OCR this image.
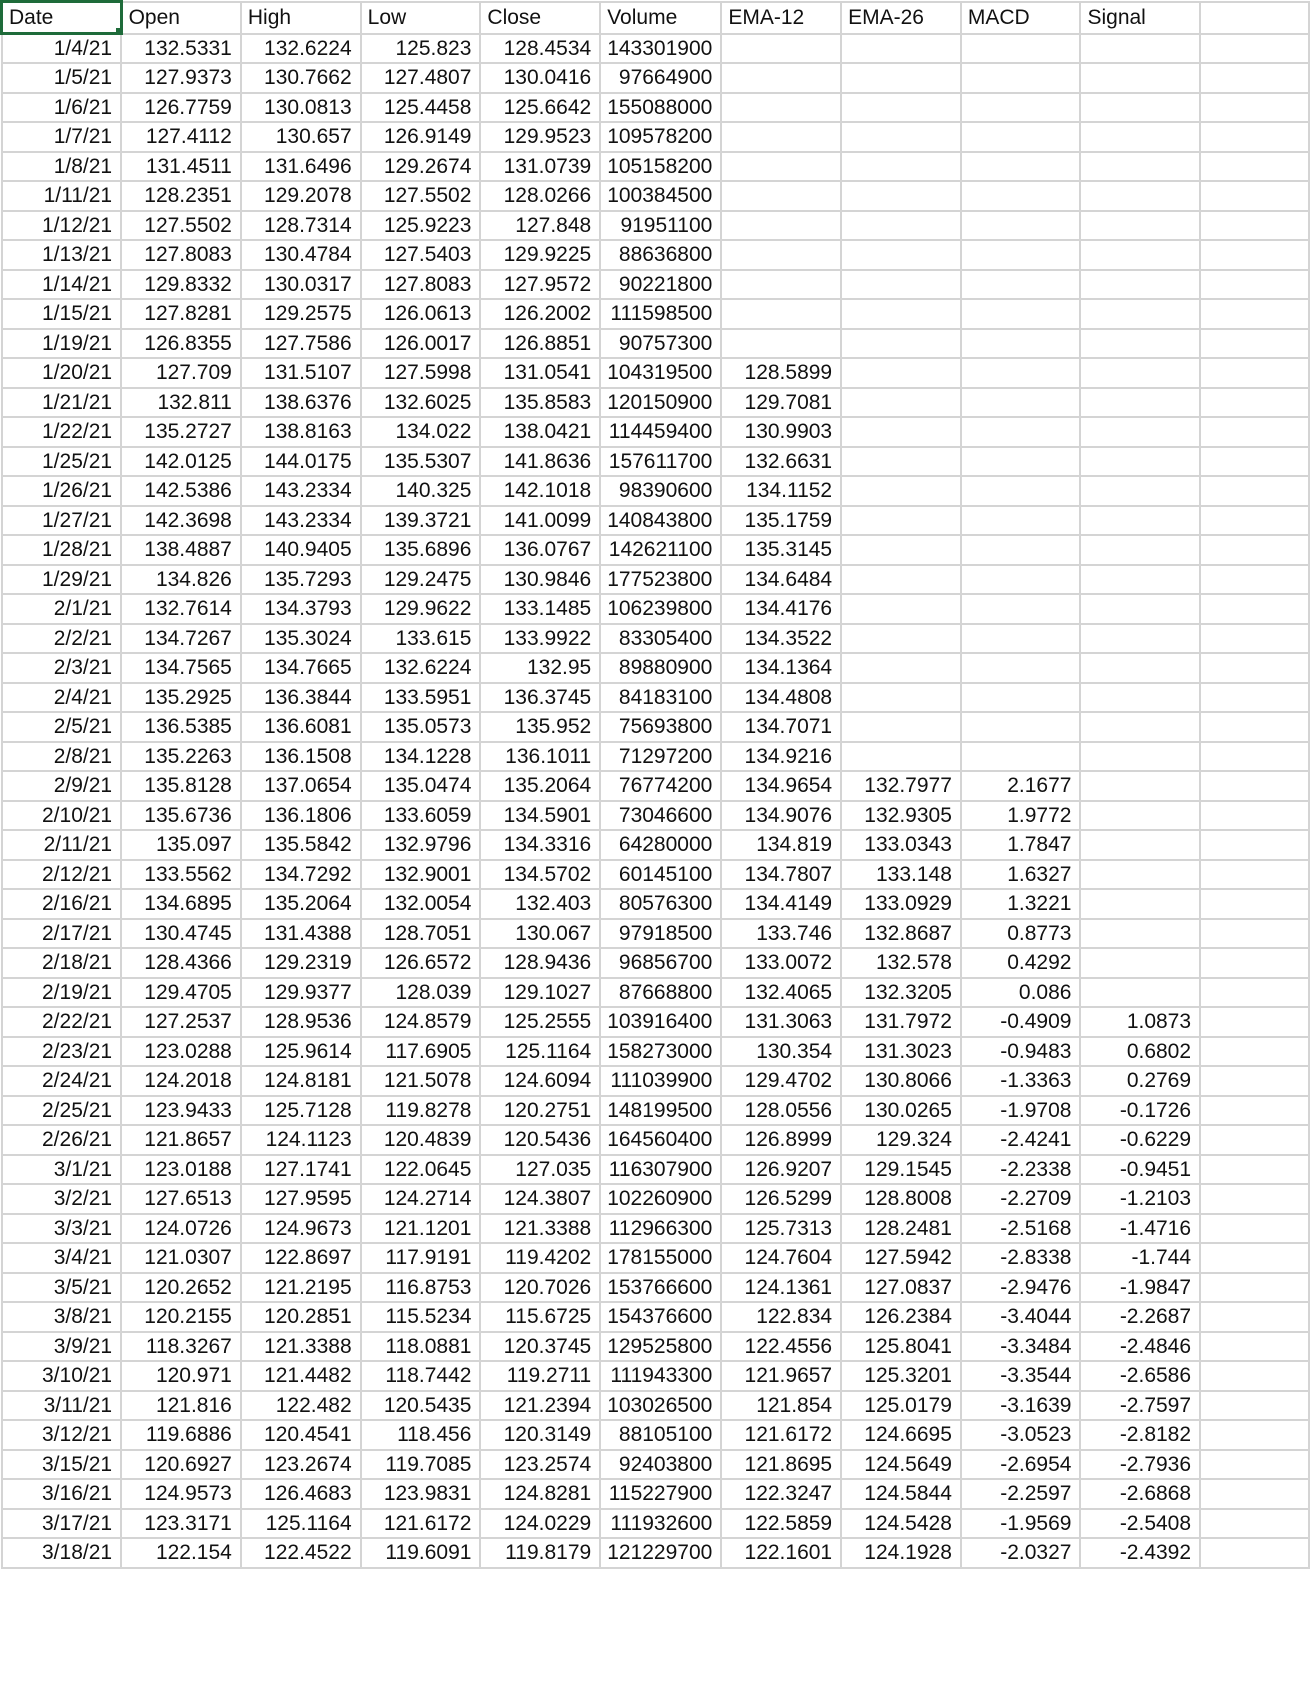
Date	Open	High	Low	Close	Volume	EMA-12	EMA-26	MACD	Signal	
1/4/21	132.5331	132.6224	125.823	128.4534	143301900					
1/5/21	127.9373	130.7662	127.4807	130.0416	97664900					
1/6/21	126.7759	130.0813	125.4458	125.6642	155088000					
1/7/21	127.4112	130.657	126.9149	129.9523	109578200					
1/8/21	131.4511	131.6496	129.2674	131.0739	105158200					
1/11/21	128.2351	129.2078	127.5502	128.0266	100384500					
1/12/21	127.5502	128.7314	125.9223	127.848	91951100					
1/13/21	127.8083	130.4784	127.5403	129.9225	88636800					
1/14/21	129.8332	130.0317	127.8083	127.9572	90221800					
1/15/21	127.8281	129.2575	126.0613	126.2002	111598500					
1/19/21	126.8355	127.7586	126.0017	126.8851	90757300					
1/20/21	127.709	131.5107	127.5998	131.0541	104319500	128.5899				
1/21/21	132.811	138.6376	132.6025	135.8583	120150900	129.7081				
1/22/21	135.2727	138.8163	134.022	138.0421	114459400	130.9903				
1/25/21	142.0125	144.0175	135.5307	141.8636	157611700	132.6631				
1/26/21	142.5386	143.2334	140.325	142.1018	98390600	134.1152				
1/27/21	142.3698	143.2334	139.3721	141.0099	140843800	135.1759				
1/28/21	138.4887	140.9405	135.6896	136.0767	142621100	135.3145				
1/29/21	134.826	135.7293	129.2475	130.9846	177523800	134.6484				
2/1/21	132.7614	134.3793	129.9622	133.1485	106239800	134.4176				
2/2/21	134.7267	135.3024	133.615	133.9922	83305400	134.3522				
2/3/21	134.7565	134.7665	132.6224	132.95	89880900	134.1364				
2/4/21	135.2925	136.3844	133.5951	136.3745	84183100	134.4808				
2/5/21	136.5385	136.6081	135.0573	135.952	75693800	134.7071				
2/8/21	135.2263	136.1508	134.1228	136.1011	71297200	134.9216				
2/9/21	135.8128	137.0654	135.0474	135.2064	76774200	134.9654	132.7977	2.1677		
2/10/21	135.6736	136.1806	133.6059	134.5901	73046600	134.9076	132.9305	1.9772		
2/11/21	135.097	135.5842	132.9796	134.3316	64280000	134.819	133.0343	1.7847		
2/12/21	133.5562	134.7292	132.9001	134.5702	60145100	134.7807	133.148	1.6327		
2/16/21	134.6895	135.2064	132.0054	132.403	80576300	134.4149	133.0929	1.3221		
2/17/21	130.4745	131.4388	128.7051	130.067	97918500	133.746	132.8687	0.8773		
2/18/21	128.4366	129.2319	126.6572	128.9436	96856700	133.0072	132.578	0.4292		
2/19/21	129.4705	129.9377	128.039	129.1027	87668800	132.4065	132.3205	0.086		
2/22/21	127.2537	128.9536	124.8579	125.2555	103916400	131.3063	131.7972	-0.4909	1.0873	
2/23/21	123.0288	125.9614	117.6905	125.1164	158273000	130.354	131.3023	-0.9483	0.6802	
2/24/21	124.2018	124.8181	121.5078	124.6094	111039900	129.4702	130.8066	-1.3363	0.2769	
2/25/21	123.9433	125.7128	119.8278	120.2751	148199500	128.0556	130.0265	-1.9708	-0.1726	
2/26/21	121.8657	124.1123	120.4839	120.5436	164560400	126.8999	129.324	-2.4241	-0.6229	
3/1/21	123.0188	127.1741	122.0645	127.035	116307900	126.9207	129.1545	-2.2338	-0.9451	
3/2/21	127.6513	127.9595	124.2714	124.3807	102260900	126.5299	128.8008	-2.2709	-1.2103	
3/3/21	124.0726	124.9673	121.1201	121.3388	112966300	125.7313	128.2481	-2.5168	-1.4716	
3/4/21	121.0307	122.8697	117.9191	119.4202	178155000	124.7604	127.5942	-2.8338	-1.744	
3/5/21	120.2652	121.2195	116.8753	120.7026	153766600	124.1361	127.0837	-2.9476	-1.9847	
3/8/21	120.2155	120.2851	115.5234	115.6725	154376600	122.834	126.2384	-3.4044	-2.2687	
3/9/21	118.3267	121.3388	118.0881	120.3745	129525800	122.4556	125.8041	-3.3484	-2.4846	
3/10/21	120.971	121.4482	118.7442	119.2711	111943300	121.9657	125.3201	-3.3544	-2.6586	
3/11/21	121.816	122.482	120.5435	121.2394	103026500	121.854	125.0179	-3.1639	-2.7597	
3/12/21	119.6886	120.4541	118.456	120.3149	88105100	121.6172	124.6695	-3.0523	-2.8182	
3/15/21	120.6927	123.2674	119.7085	123.2574	92403800	121.8695	124.5649	-2.6954	-2.7936	
3/16/21	124.9573	126.4683	123.9831	124.8281	115227900	122.3247	124.5844	-2.2597	-2.6868	
3/17/21	123.3171	125.1164	121.6172	124.0229	111932600	122.5859	124.5428	-1.9569	-2.5408	
3/18/21	122.154	122.4522	119.6091	119.8179	121229700	122.1601	124.1928	-2.0327	-2.4392	
